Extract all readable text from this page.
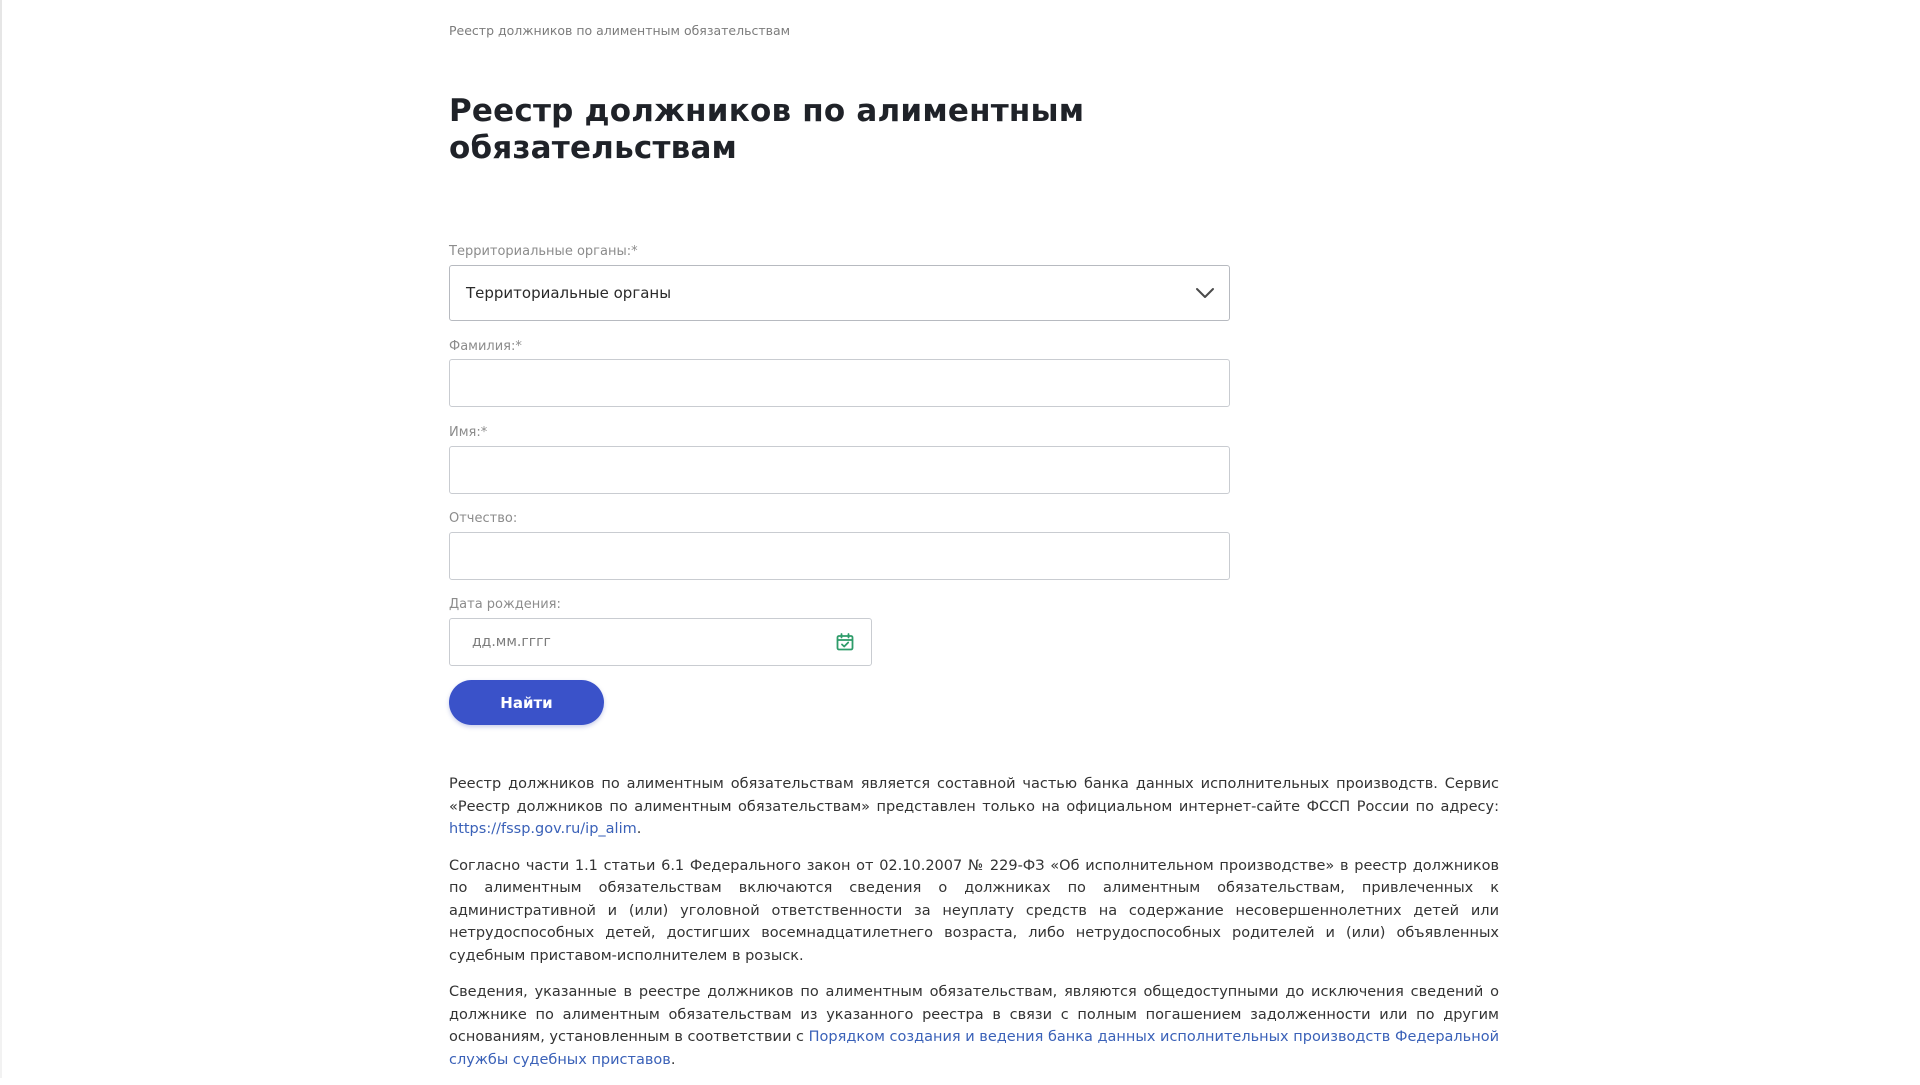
Реестр должников по алиментным обязательствам
Реестр должников по алиментным обязательствам
Территориальные органы:*
Территориальные органы
Фамилия:*
Имя:*
Отчество:
Дата рождения:
дд.мм.гггг
Найти

Реестр должников по алиментным обязательствам является составной частью банка данных исполнительных производств. Сервис «Реестр должников по алиментным обязательствам» представлен только на официальном интернет-сайте ФССП России по адресу: https://fssp.gov.ru/ip_alim.

Согласно части 1.1 статьи 6.1 Федерального закон от 02.10.2007 № 229-ФЗ «Об исполнительном производстве» в реестр должников по алиментным обязательствам включаются сведения о должниках по алиментным обязательствам, привлеченных к административной и (или) уголовной ответственности за неуплату средств на содержание несовершеннолетних детей или нетрудоспособных детей, достигших восемнадцатилетнего возраста, либо нетрудоспособных родителей и (или) объявленных судебным приставом-исполнителем в розыск.

Сведения, указанные в реестре должников по алиментным обязательствам, являются общедоступными до исключения сведений о должнике по алиментным обязательствам из указанного реестра в связи с полным погашением задолженности или по другим основаниям, установленным в соответствии с Порядком создания и ведения банка данных исполнительных производств Федеральной службы судебных приставов.
